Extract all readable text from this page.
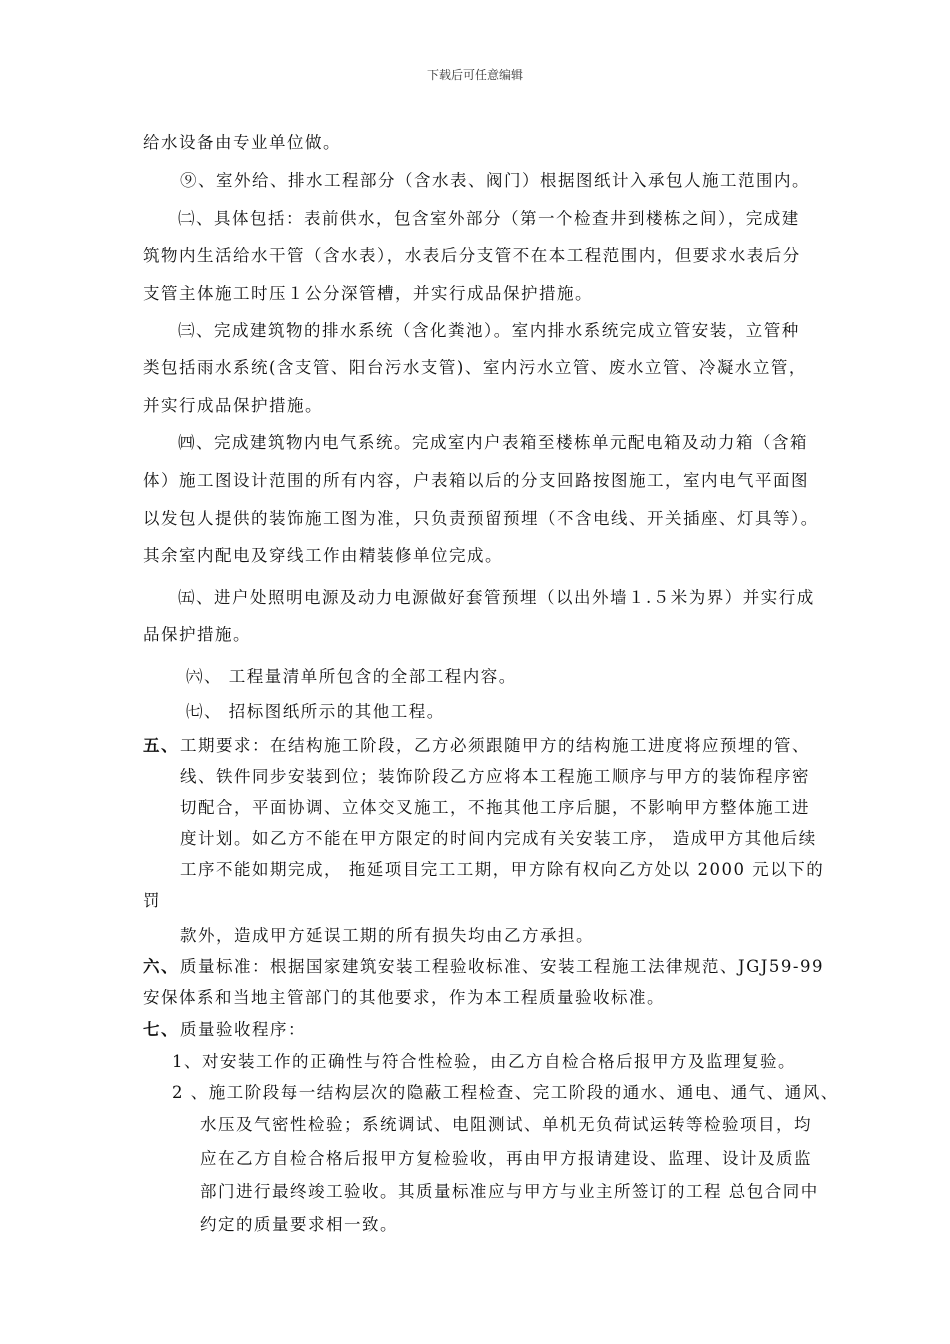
下载后可任意编辑
给水设备由专业单位做。
⑨、室外给、排水工程部分（含水表、阀门）根据图纸计入承包人施工范围内。
㈡、具体包括：表前供水，包含室外部分（第一个检查井到楼栋之间），完成建
筑物内生活给水干管（含水表），水表后分支管不在本工程范围内，但要求水表后分
支管主体施工时压１公分深管槽，并实行成品保护措施。
㈢、完成建筑物的排水系统（含化粪池）。室内排水系统完成立管安装，立管种
类包括雨水系统(含支管、阳台污水支管)、室内污水立管、废水立管、冷凝水立管，
并实行成品保护措施。
㈣、完成建筑物内电气系统。完成室内户表箱至楼栋单元配电箱及动力箱（含箱
体）施工图设计范围的所有内容，户表箱以后的分支回路按图施工，室内电气平面图
以发包人提供的装饰施工图为准，只负责预留预埋（不含电线、开关插座、灯具等）。
其余室内配电及穿线工作由精装修单位完成。
㈤、进户处照明电源及动力电源做好套管预埋（以出外墙１.５米为界）并实行成
品保护措施。
㈥、 工程量清单所包含的全部工程内容。
㈦、 招标图纸所示的其他工程。
五、 工期要求：在结构施工阶段，乙方必须跟随甲方的结构施工进度将应预埋的管、
线、铁件同步安装到位；装饰阶段乙方应将本工程施工顺序与甲方的装饰程序密
切配合，平面协调、立体交叉施工，不拖其他工序后腿，不影响甲方整体施工进
度计划。如乙方不能在甲方限定的时间内完成有关安装工序， 造成甲方其他后续
工序不能如期完成， 拖延项目完工工期，甲方除有权向乙方处以 2000 元以下的
罚
款外，造成甲方延误工期的所有损失均由乙方承担。
六、 质量标准：根据国家建筑安装工程验收标准、安装工程施工法律规范、JGJ59-99
安保体系和当地主管部门的其他要求，作为本工程质量验收标准。
七、 质量验收程序：
1、对安装工作的正确性与符合性检验，由乙方自检合格后报甲方及监理复验。
2 、施工阶段每一结构层次的隐蔽工程检查、完工阶段的通水、通电、通气、通风、
水压及气密性检验；系统调试、电阻测试、单机无负荷试运转等检验项目，均
应在乙方自检合格后报甲方复检验收，再由甲方报请建设、监理、设计及质监
部门进行最终竣工验收。其质量标准应与甲方与业主所签订的工程 总包合同中
约定的质量要求相一致。
